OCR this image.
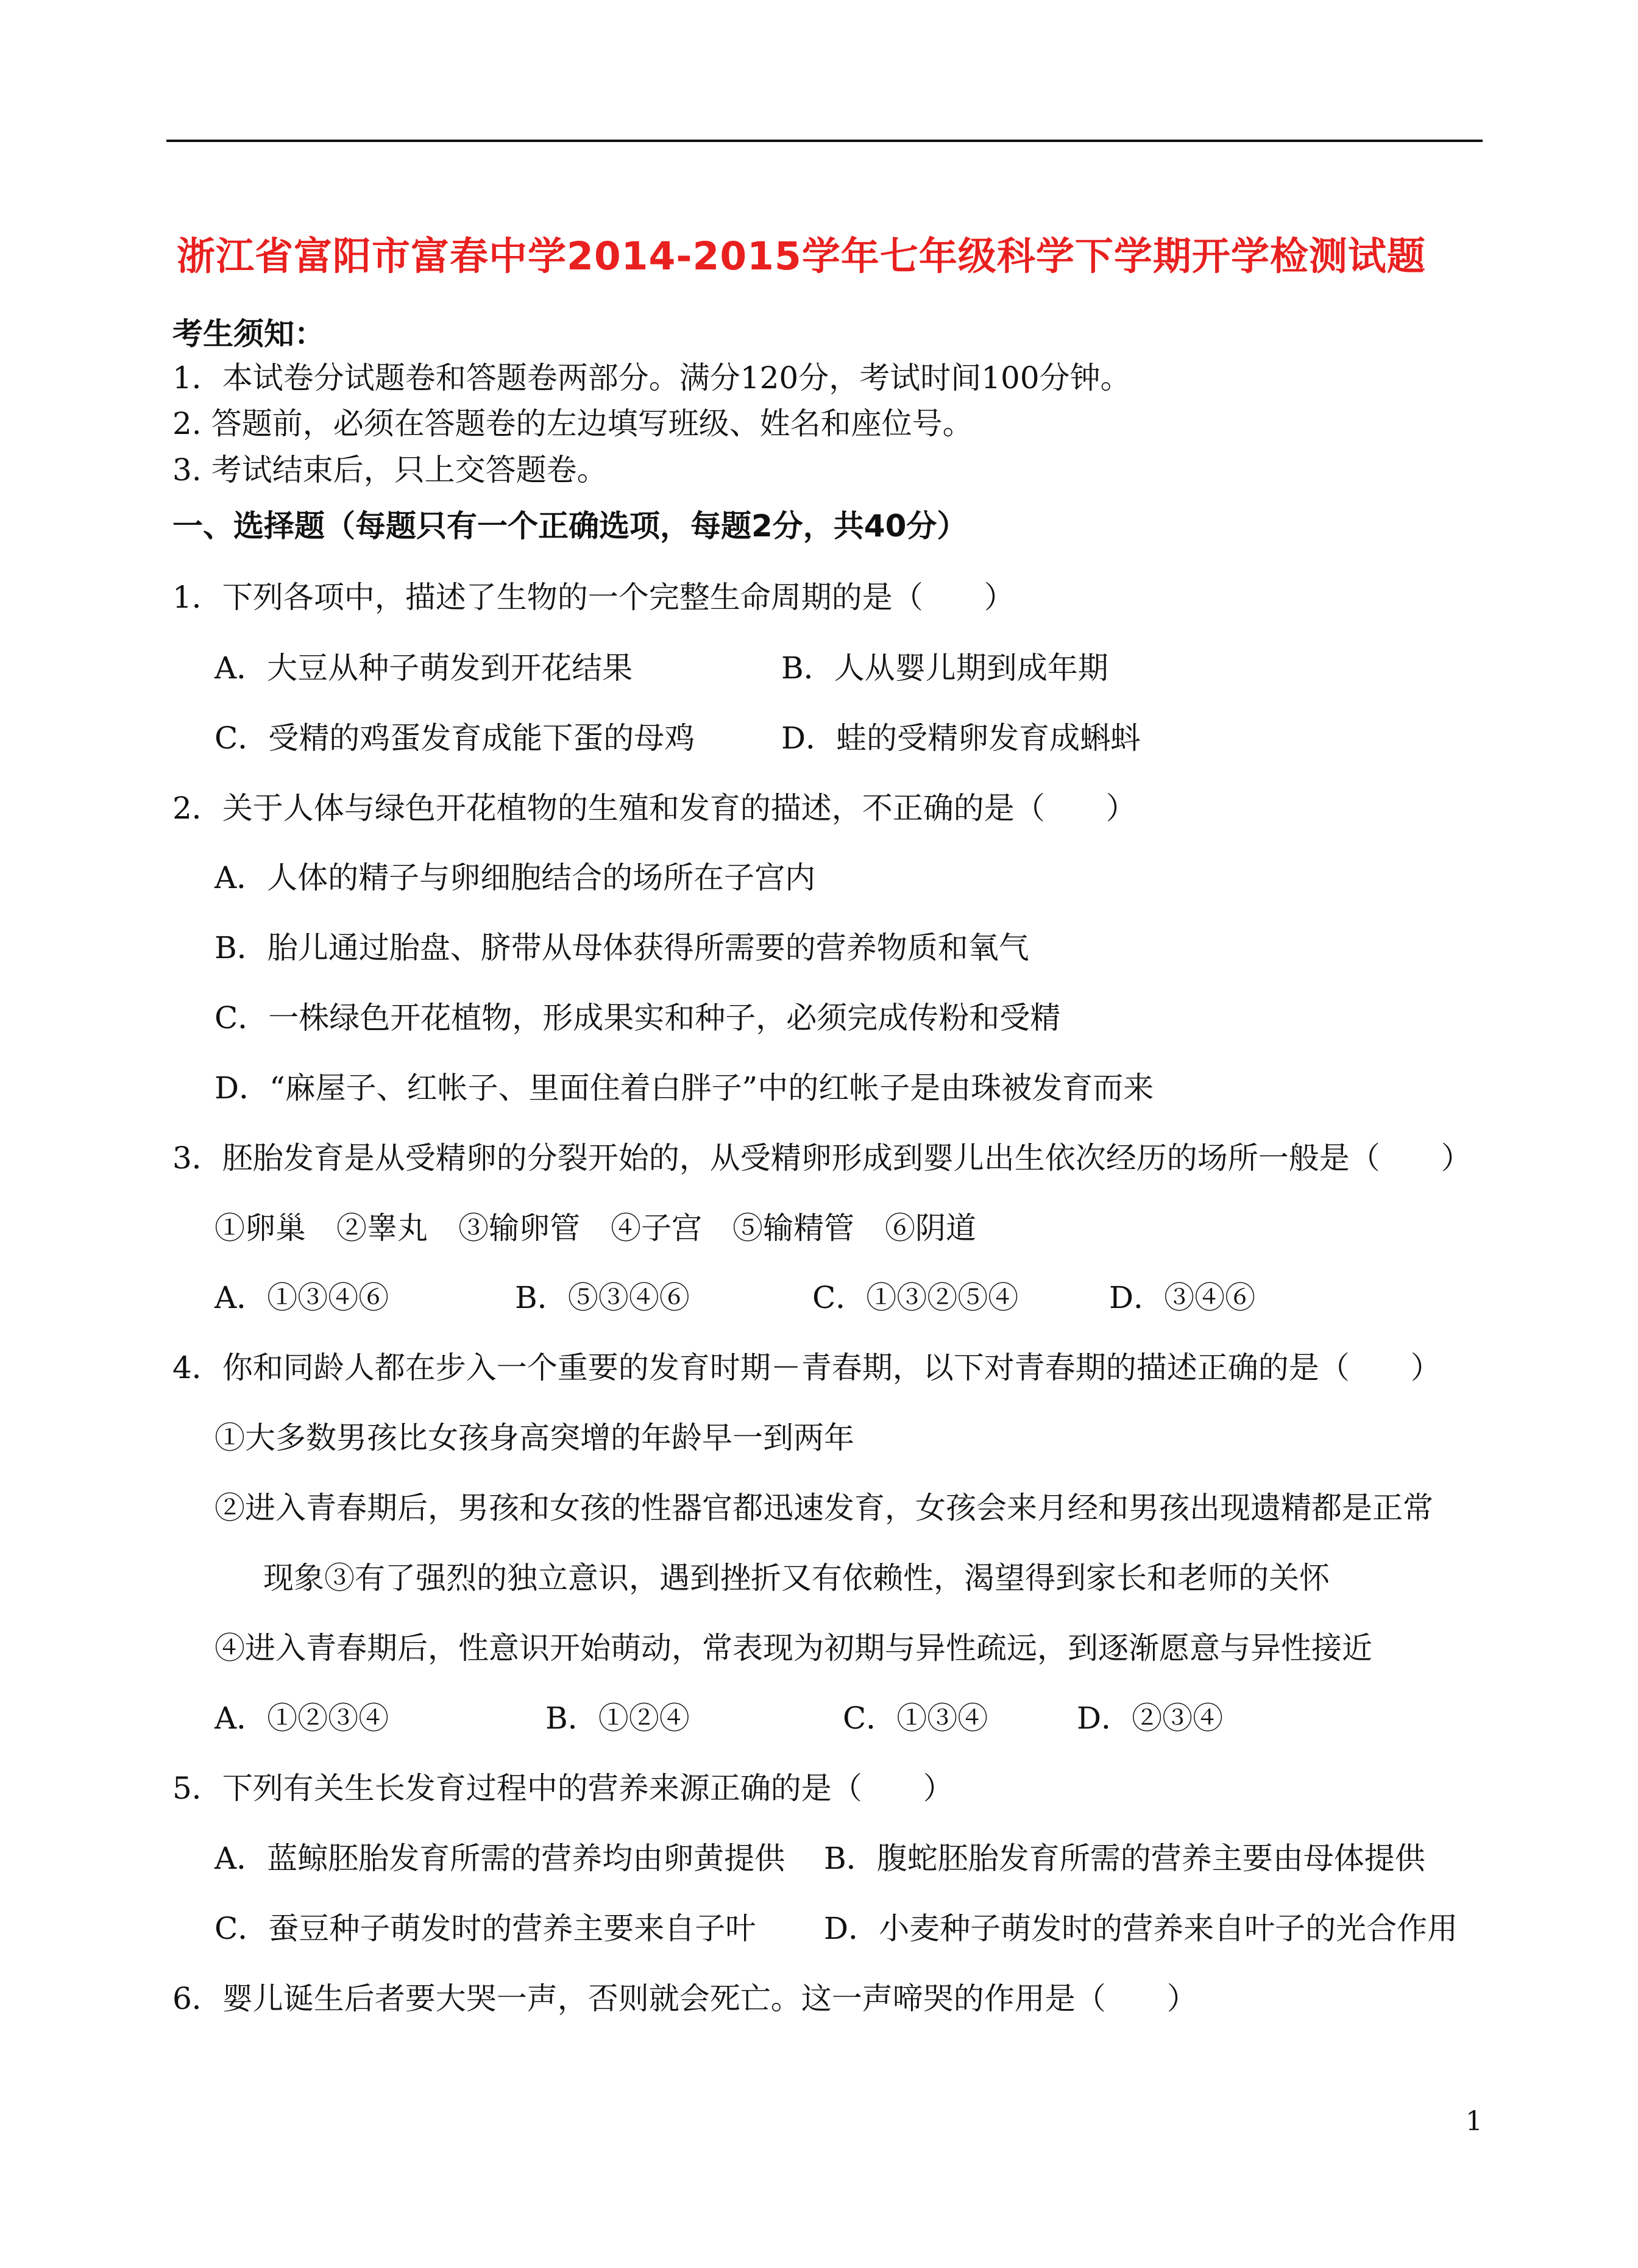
浙江省富阳市富春中学2014-2015学年七年级科学下学期开学检测试题
考生须知：
1．本试卷分试题卷和答题卷两部分。满分120分，考试时间100分钟。
2. 答题前，必须在答题卷的左边填写班级、姓名和座位号。
3. 考试结束后，只上交答题卷。
一、选择题（每题只有一个正确选项，每题2分，共40分）
1．下列各项中，描述了生物的一个完整生命周期的是（　　）
A．大豆从种子萌发到开花结果	B．人从婴儿期到成年期
C．受精的鸡蛋发育成能下蛋的母鸡	D．蛙的受精卵发育成蝌蚪
2．关于人体与绿色开花植物的生殖和发育的描述，不正确的是（　　）
A．人体的精子与卵细胞结合的场所在子宫内
B．胎儿通过胎盘、脐带从母体获得所需要的营养物质和氧气
C．一株绿色开花植物，形成果实和种子，必须完成传粉和受精
D．“麻屋子、红帐子、里面住着白胖子”中的红帐子是由珠被发育而来
3．胚胎发育是从受精卵的分裂开始的，从受精卵形成到婴儿出生依次经历的场所一般是（　　）
①卵巢　②睾丸　③输卵管　④子宫　⑤输精管　⑥阴道
A．①③④⑥	B．⑤③④⑥	C．①③②⑤④	D．③④⑥
4．你和同龄人都在步入一个重要的发育时期－青春期，以下对青春期的描述正确的是（　　）
①大多数男孩比女孩身高突增的年龄早一到两年
②进入青春期后，男孩和女孩的性器官都迅速发育，女孩会来月经和男孩出现遗精都是正常
现象③有了强烈的独立意识，遇到挫折又有依赖性，渴望得到家长和老师的关怀
④进入青春期后，性意识开始萌动，常表现为初期与异性疏远，到逐渐愿意与异性接近
A．①②③④	B．①②④	C．①③④	D．②③④
5．下列有关生长发育过程中的营养来源正确的是（　　）
A．蓝鲸胚胎发育所需的营养均由卵黄提供 B．腹蛇胚胎发育所需的营养主要由母体提供
C．蚕豆种子萌发时的营养主要来自子叶 D．小麦种子萌发时的营养来自叶子的光合作用
6．婴儿诞生后者要大哭一声，否则就会死亡。这一声啼哭的作用是（　　）
1
